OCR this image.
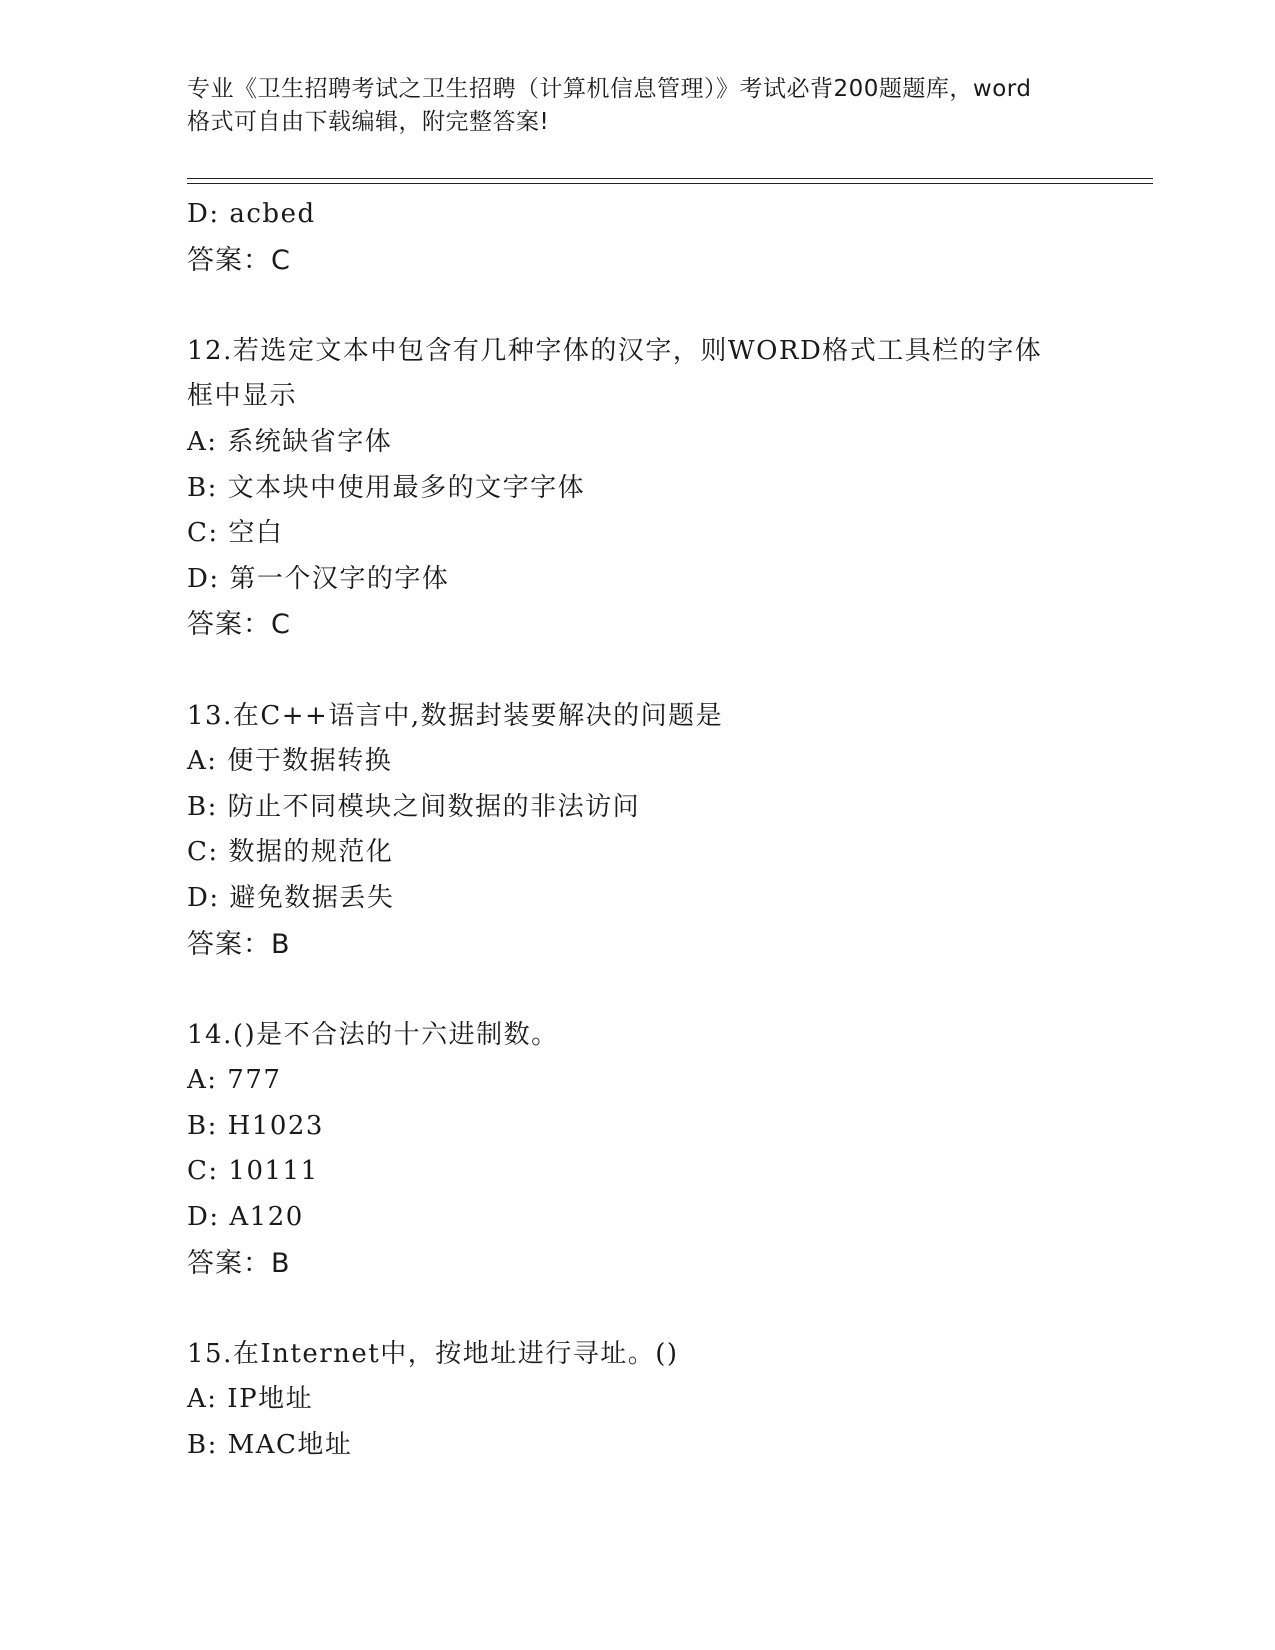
专业《卫生招聘考试之卫生招聘（计算机信息管理）》考试必背200题题库，word
格式可自由下载编辑，附完整答案!
D: acbed
答案：C
12.若选定文本中包含有几种字体的汉字，则WORD格式工具栏的字体
框中显示
A: 系统缺省字体
B: 文本块中使用最多的文字字体
C: 空白
D: 第一个汉字的字体
答案：C
13.在C++语言中,数据封装要解决的问题是
A: 便于数据转换
B: 防止不同模块之间数据的非法访问
C: 数据的规范化
D: 避免数据丢失
答案：B
14.()是不合法的十六进制数。
A: 777
B: H1023
C: 10111
D: A120
答案：B
15.在Internet中，按地址进行寻址。()
A: IP地址
B: MAC地址
